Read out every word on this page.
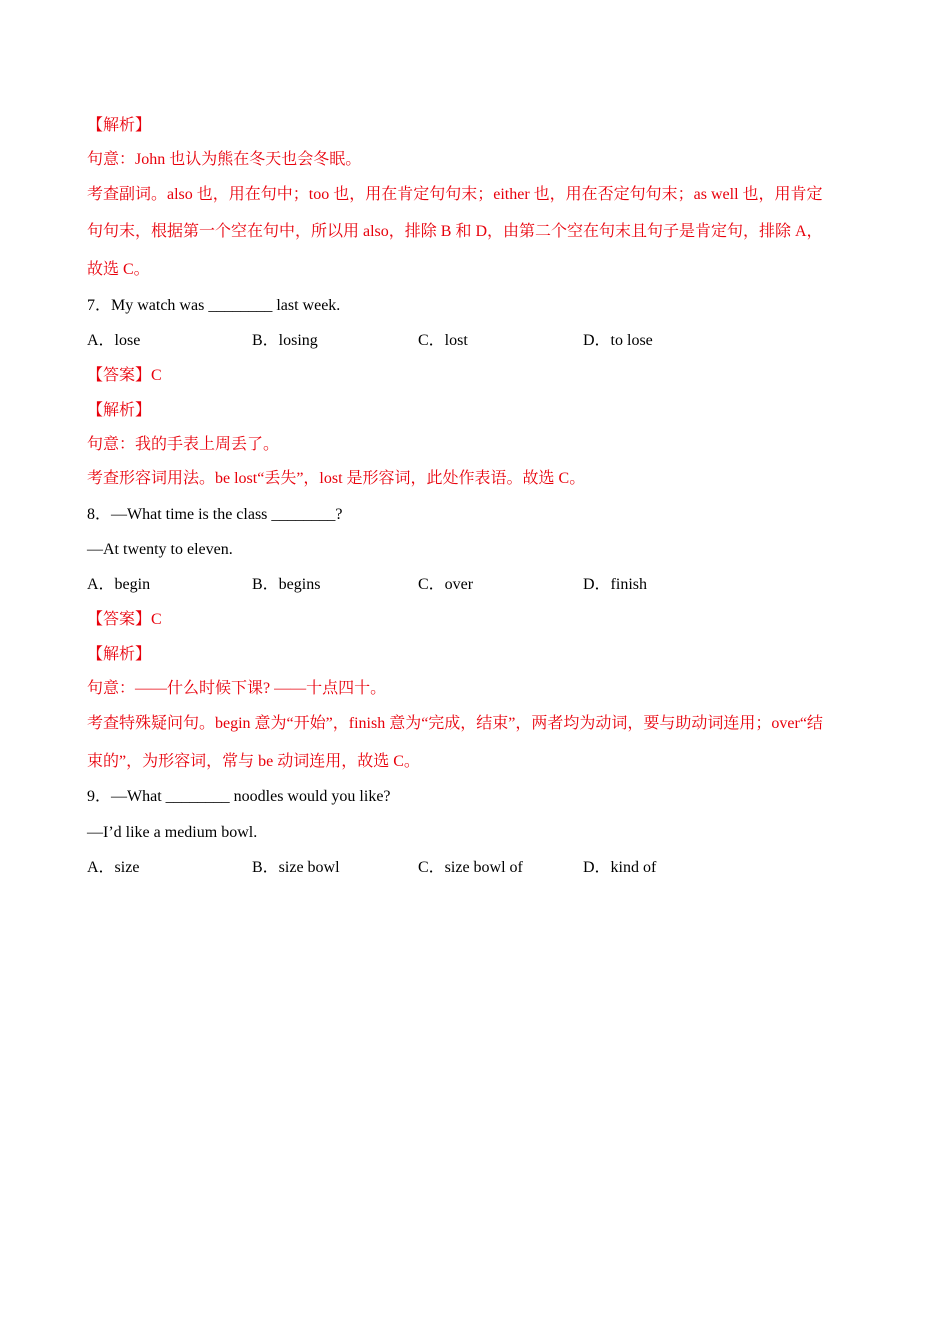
【解析】
句意：John 也认为熊在冬天也会冬眠。
考查副词。also 也，用在句中；too 也，用在肯定句句末；either 也，用在否定句句末；as well 也，用肯定
句句末，根据第一个空在句中，所以用 also，排除 B 和 D，由第二个空在句末且句子是肯定句，排除 A，
故选 C。
7．My watch was ________ last week.
A．lose	B．losing	C．lost	D．to lose
【答案】C
【解析】
句意：我的手表上周丢了。
考查形容词用法。be lost“丢失”，lost 是形容词，此处作表语。故选 C。
8．—What time is the class ________?
—At twenty to eleven.
A．begin	B．begins	C．over	D．finish
【答案】C
【解析】
句意：——什么时候下课? ——十点四十。
考查特殊疑问句。begin 意为“开始”，finish 意为“完成，结束”，两者均为动词，要与助动词连用；over“结
束的”，为形容词，常与 be 动词连用，故选 C。
9．—What ________ noodles would you like?
—I’d like a medium bowl.
A．size	B．size bowl	C．size bowl of	D．kind of
